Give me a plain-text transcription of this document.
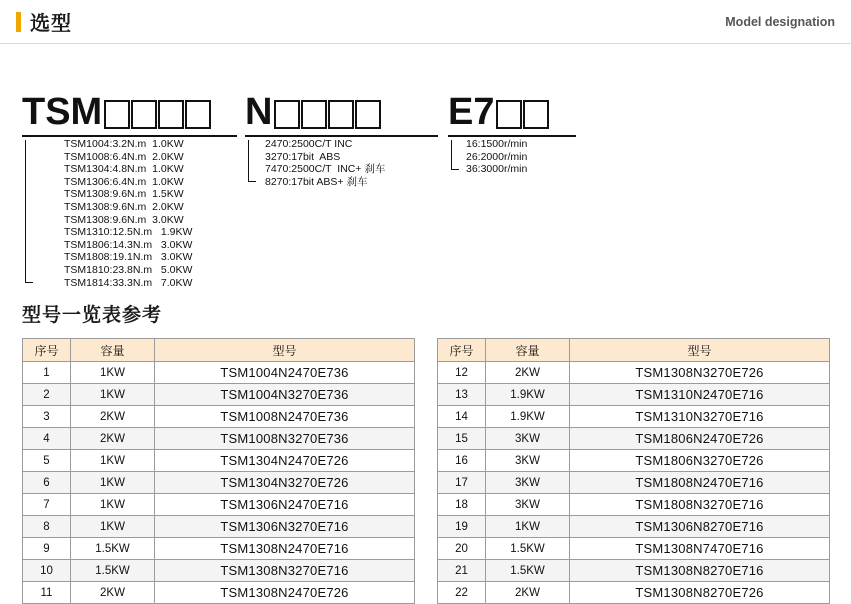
选型	Model designation
TSM
TSM1004:3.2N.m  1.0KW
TSM1008:6.4N.m  2.0KW
TSM1304:4.8N.m  1.0KW
TSM1306:6.4N.m  1.0KW
TSM1308:9.6N.m  1.5KW
TSM1308:9.6N.m  2.0KW
TSM1308:9.6N.m  3.0KW
TSM1310:12.5N.m   1.9KW
TSM1806:14.3N.m   3.0KW
TSM1808:19.1N.m   3.0KW
TSM1810:23.8N.m   5.0KW
TSM1814:33.3N.m   7.0KW
N
2470:2500C/T INC
3270:17bit  ABS
7470:2500C/T  INC+ 刹车
8270:17bit ABS+ 刹车
E7
16:1500r/min
26:2000r/min
36:3000r/min
型号一览表参考
序号	容量	型号
1	1KW	TSM1004N2470E736
2	1KW	TSM1004N3270E736
3	2KW	TSM1008N2470E736
4	2KW	TSM1008N3270E736
5	1KW	TSM1304N2470E726
6	1KW	TSM1304N3270E726
7	1KW	TSM1306N2470E716
8	1KW	TSM1306N3270E716
9	1.5KW	TSM1308N2470E716
10	1.5KW	TSM1308N3270E716
11	2KW	TSM1308N2470E726
序号	容量	型号
12	2KW	TSM1308N3270E726
13	1.9KW	TSM1310N2470E716
14	1.9KW	TSM1310N3270E716
15	3KW	TSM1806N2470E726
16	3KW	TSM1806N3270E726
17	3KW	TSM1808N2470E716
18	3KW	TSM1808N3270E716
19	1KW	TSM1306N8270E716
20	1.5KW	TSM1308N7470E716
21	1.5KW	TSM1308N8270E716
22	2KW	TSM1308N8270E726
